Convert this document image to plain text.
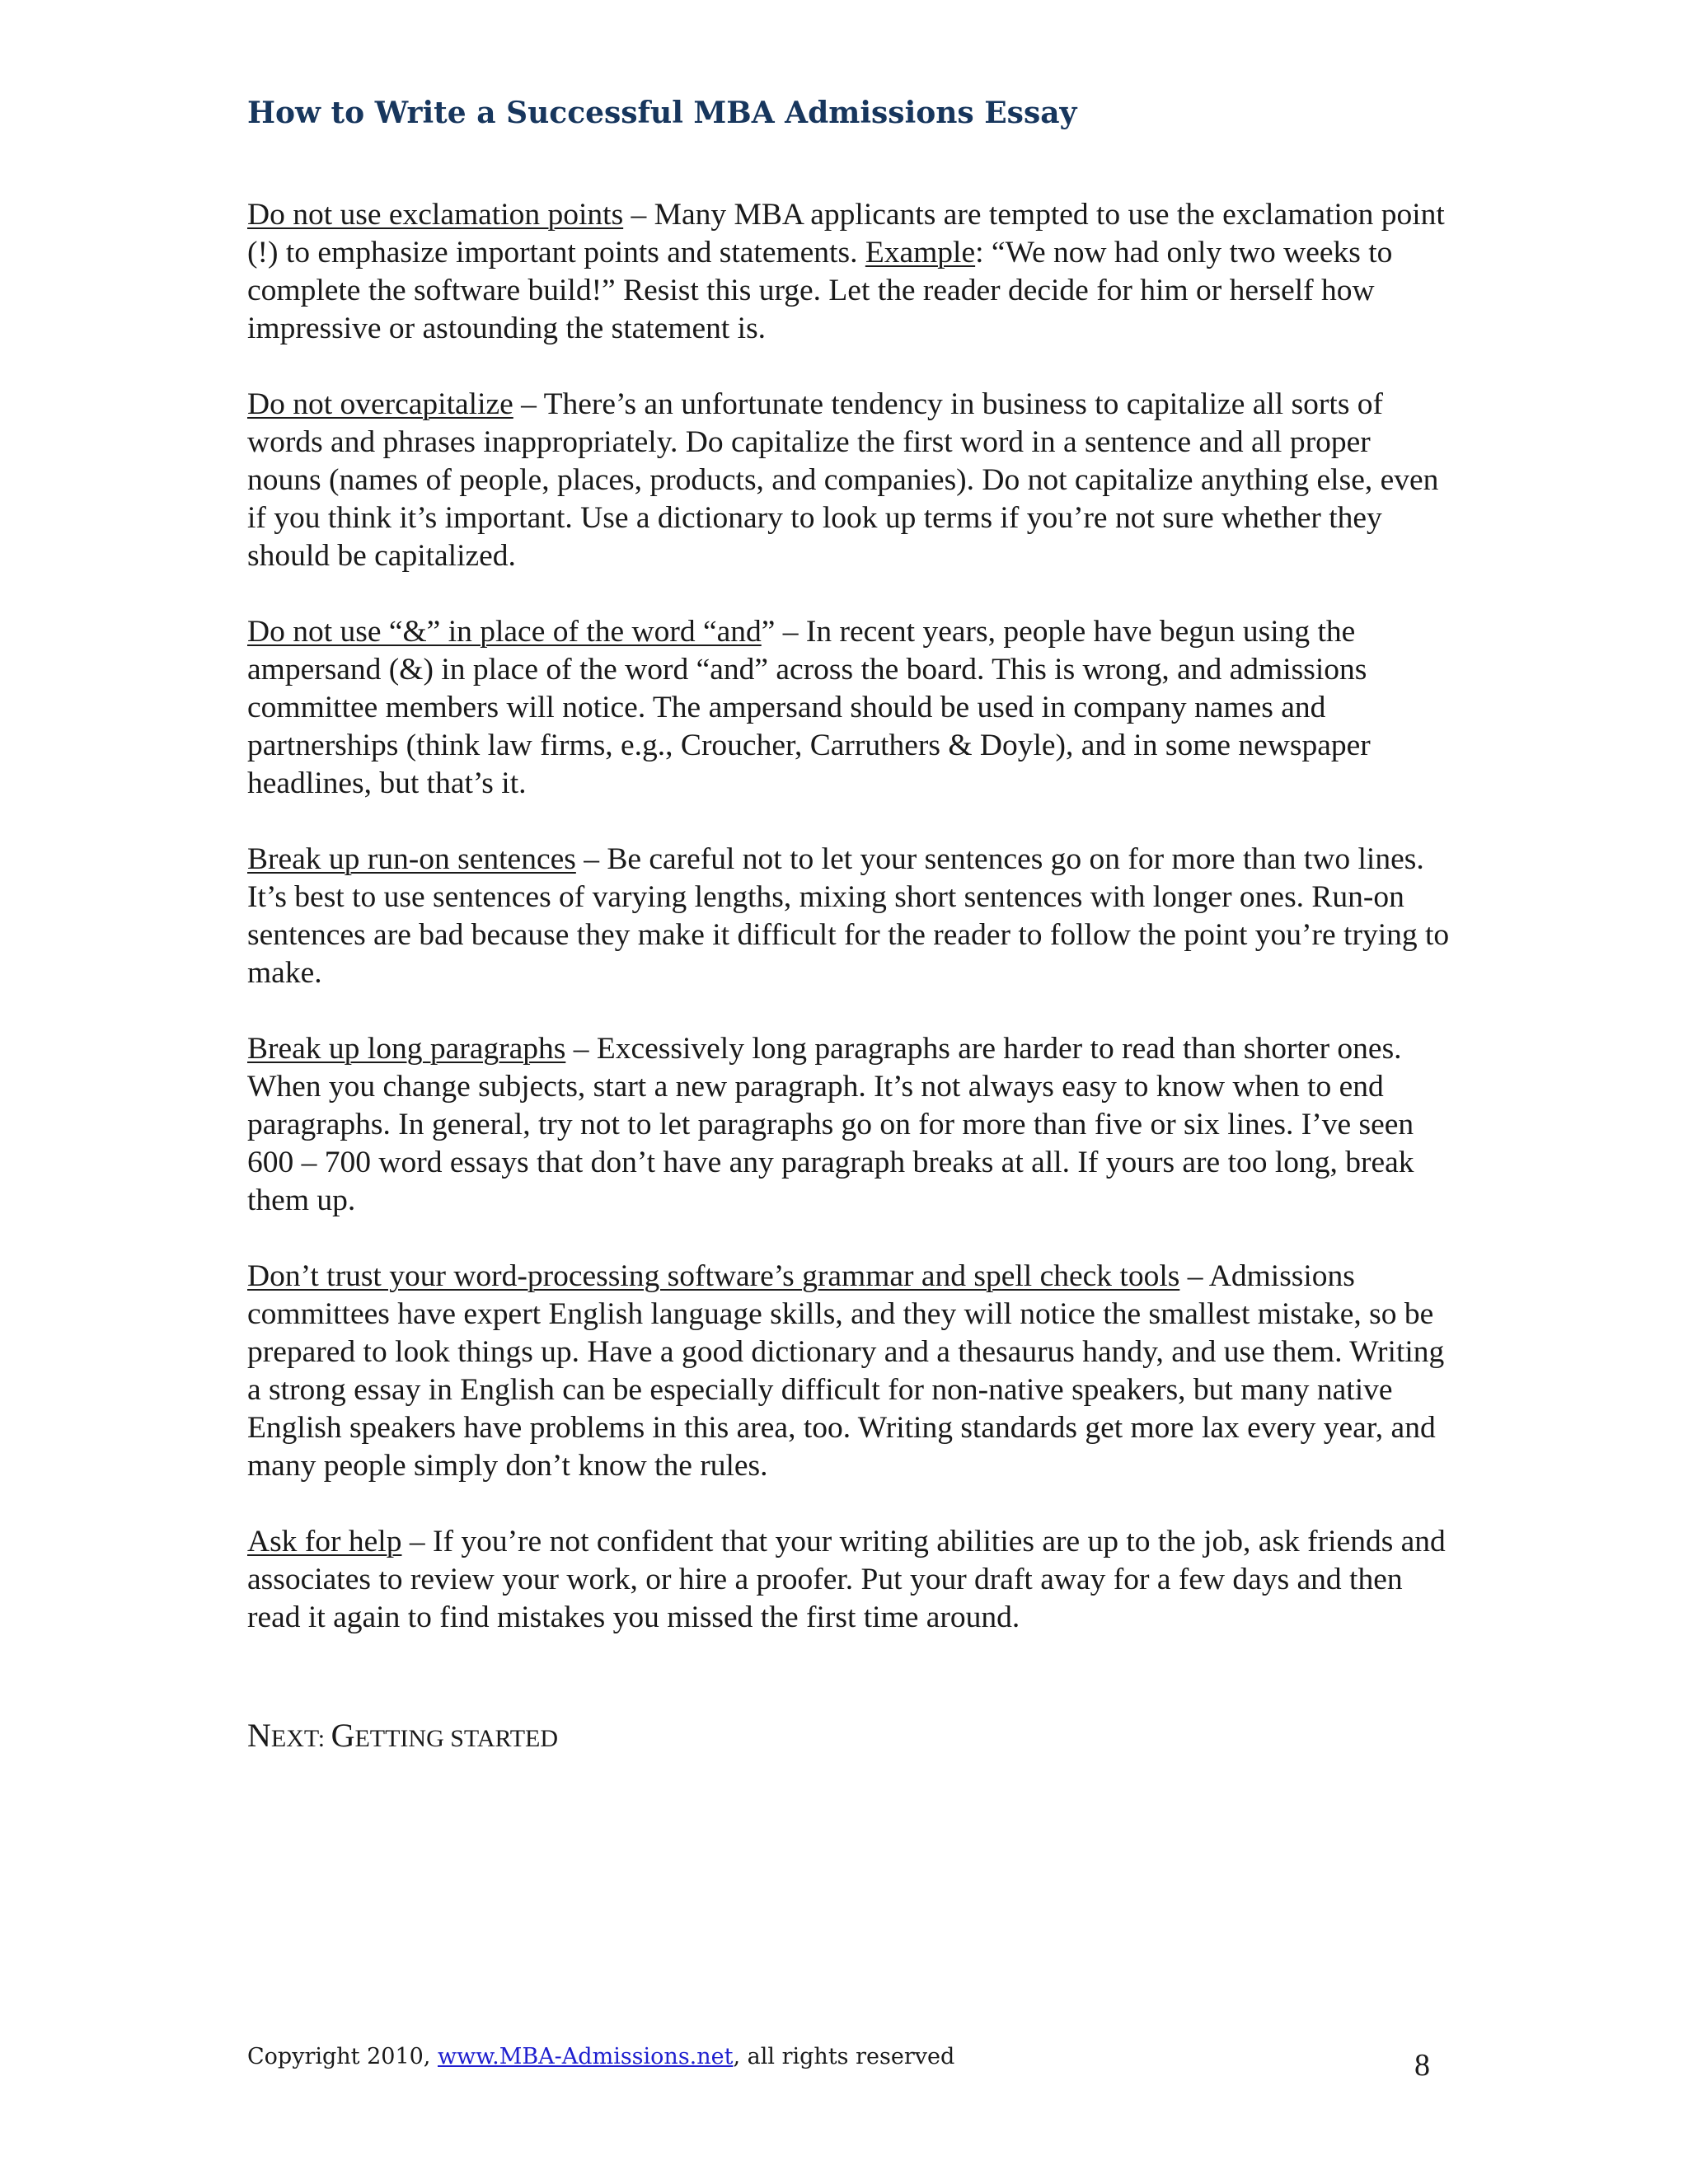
How to Write a Successful MBA Admissions Essay

Do not use exclamation points – Many MBA applicants are tempted to use the exclamation point (!) to emphasize important points and statements. Example: “We now had only two weeks to complete the software build!” Resist this urge. Let the reader decide for him or herself how impressive or astounding the statement is.

Do not overcapitalize – There’s an unfortunate tendency in business to capitalize all sorts of words and phrases inappropriately. Do capitalize the first word in a sentence and all proper nouns (names of people, places, products, and companies). Do not capitalize anything else, even if you think it’s important. Use a dictionary to look up terms if you’re not sure whether they should be capitalized.

Do not use “&” in place of the word “and” – In recent years, people have begun using the ampersand (&) in place of the word “and” across the board. This is wrong, and admissions committee members will notice. The ampersand should be used in company names and partnerships (think law firms, e.g., Croucher, Carruthers & Doyle), and in some newspaper headlines, but that’s it.

Break up run-on sentences – Be careful not to let your sentences go on for more than two lines. It’s best to use sentences of varying lengths, mixing short sentences with longer ones. Run-on sentences are bad because they make it difficult for the reader to follow the point you’re trying to make.

Break up long paragraphs – Excessively long paragraphs are harder to read than shorter ones. When you change subjects, start a new paragraph. It’s not always easy to know when to end paragraphs. In general, try not to let paragraphs go on for more than five or six lines. I’ve seen 600 – 700 word essays that don’t have any paragraph breaks at all. If yours are too long, break them up.

Don’t trust your word-processing software’s grammar and spell check tools – Admissions committees have expert English language skills, and they will notice the smallest mistake, so be prepared to look things up. Have a good dictionary and a thesaurus handy, and use them. Writing a strong essay in English can be especially difficult for non-native speakers, but many native English speakers have problems in this area, too. Writing standards get more lax every year, and many people simply don’t know the rules.

Ask for help – If you’re not confident that your writing abilities are up to the job, ask friends and associates to review your work, or hire a proofer. Put your draft away for a few days and then read it again to find mistakes you missed the first time around.

NEXT: GETTING STARTED

Copyright 2010, www.MBA-Admissions.net, all rights reserved	8
